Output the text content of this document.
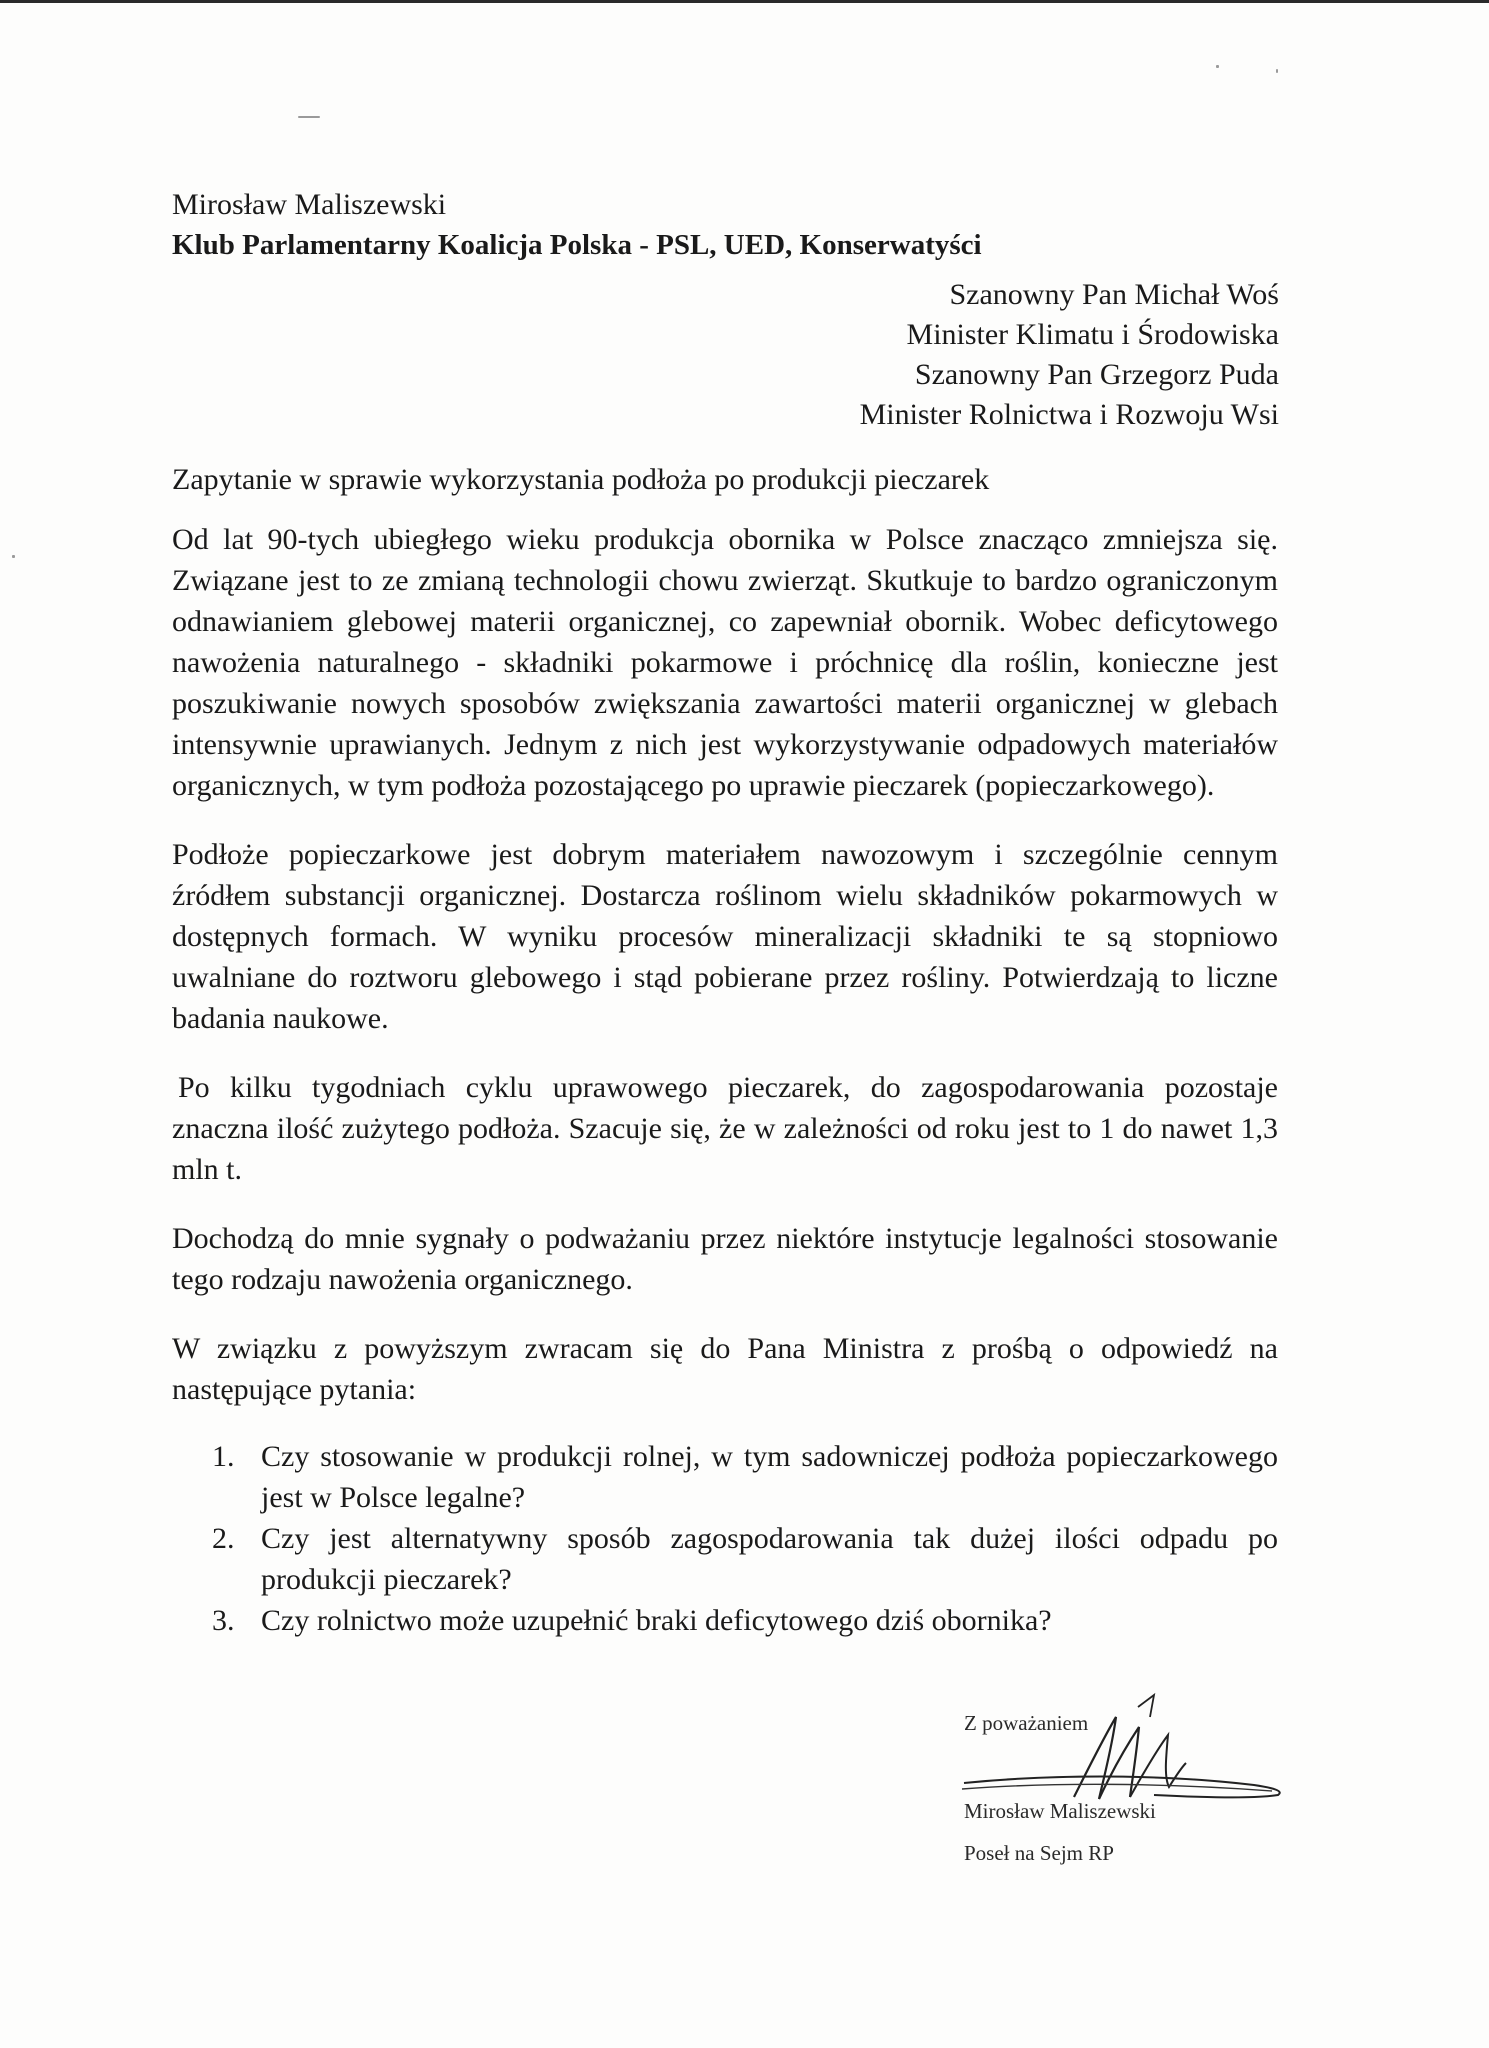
Mirosław Maliszewski
Klub Parlamentarny Koalicja Polska - PSL, UED, Konserwatyści
Szanowny Pan Michał Woś
Minister Klimatu i Środowiska
Szanowny Pan Grzegorz Puda
Minister Rolnictwa i Rozwoju Wsi
Zapytanie w sprawie wykorzystania podłoża po produkcji pieczarek

Od lat 90-tych ubiegłego wieku produkcja obornika w Polsce znacząco zmniejsza się. Związane jest to ze zmianą technologii chowu zwierząt. Skutkuje to bardzo ograniczonym odnawianiem glebowej materii organicznej, co zapewniał obornik. Wobec deficytowego nawożenia naturalnego - składniki pokarmowe i próchnicę dla roślin, konieczne jest poszukiwanie nowych sposobów zwiększania zawartości materii organicznej w glebach intensywnie uprawianych. Jednym z nich jest wykorzystywanie odpadowych materiałów organicznych, w tym podłoża pozostającego po uprawie pieczarek (popieczarkowego).

Podłoże popieczarkowe jest dobrym materiałem nawozowym i szczególnie cennym źródłem substancji organicznej. Dostarcza roślinom wielu składników pokarmowych w dostępnych formach. W wyniku procesów mineralizacji składniki te są stopniowo uwalniane do roztworu glebowego i stąd pobierane przez rośliny. Potwierdzają to liczne badania naukowe.

Po kilku tygodniach cyklu uprawowego pieczarek, do zagospodarowania pozostaje znaczna ilość zużytego podłoża. Szacuje się, że w zależności od roku jest to 1 do nawet 1,3 mln t.

Dochodzą do mnie sygnały o podważaniu przez niektóre instytucje legalności stosowanie tego rodzaju nawożenia organicznego.

W związku z powyższym zwracam się do Pana Ministra z prośbą o odpowiedź na następujące pytania:

1. Czy stosowanie w produkcji rolnej, w tym sadowniczej podłoża popieczarkowego jest w Polsce legalne?
2. Czy jest alternatywny sposób zagospodarowania tak dużej ilości odpadu po produkcji pieczarek?
3. Czy rolnictwo może uzupełnić braki deficytowego dziś obornika?
Z poważaniem
Mirosław Maliszewski
Poseł na Sejm RP
